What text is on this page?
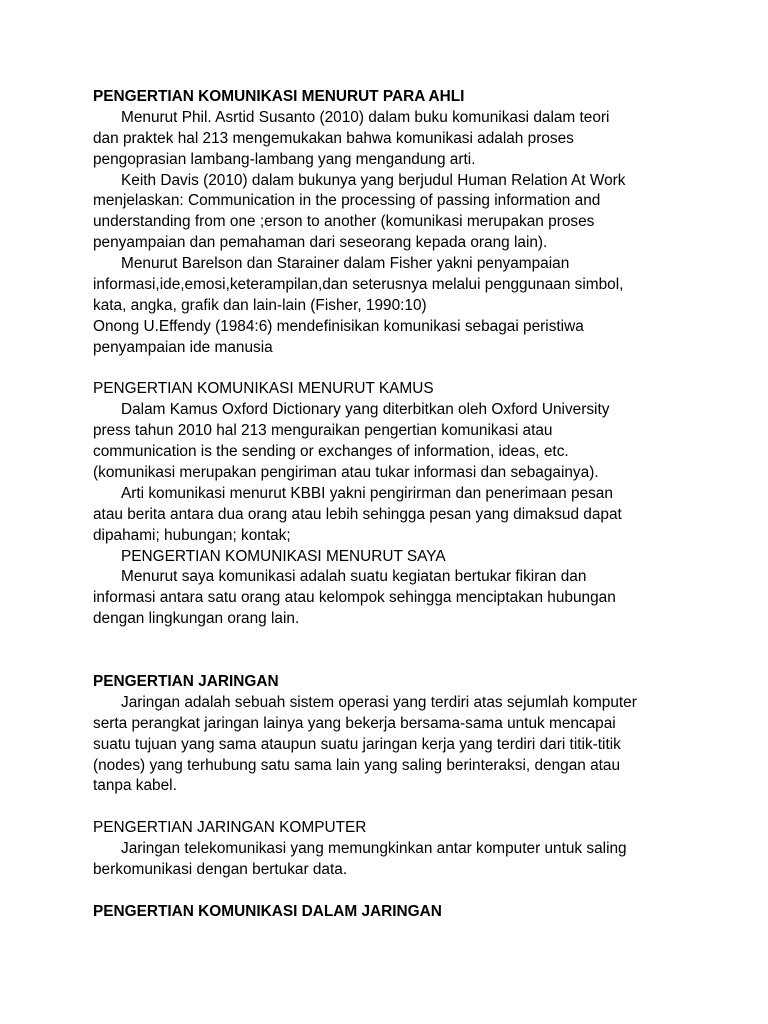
PENGERTIAN KOMUNIKASI MENURUT PARA AHLI
Menurut Phil. Asrtid Susanto (2010) dalam buku komunikasi dalam teori
dan praktek hal 213 mengemukakan bahwa komunikasi adalah proses
pengoprasian lambang-lambang yang mengandung arti.
Keith Davis (2010) dalam bukunya yang berjudul Human Relation At Work
menjelaskan: Communication in the processing of passing information and
understanding from one ;erson to another (komunikasi merupakan proses
penyampaian dan pemahaman dari seseorang kepada orang lain).
Menurut Barelson dan Starainer dalam Fisher yakni penyampaian
informasi,ide,emosi,keterampilan,dan seterusnya melalui penggunaan simbol,
kata, angka, grafik dan lain-lain (Fisher, 1990:10)
Onong U.Effendy (1984:6) mendefinisikan komunikasi sebagai peristiwa
penyampaian ide manusia
PENGERTIAN KOMUNIKASI MENURUT KAMUS
Dalam Kamus Oxford Dictionary yang diterbitkan oleh Oxford University
press tahun 2010 hal 213 menguraikan pengertian komunikasi atau
communication is the sending or exchanges of information, ideas, etc.
(komunikasi merupakan pengiriman atau tukar informasi dan sebagainya).
Arti komunikasi menurut KBBI yakni pengirirman dan penerimaan pesan
atau berita antara dua orang atau lebih sehingga pesan yang dimaksud dapat
dipahami; hubungan; kontak;
PENGERTIAN KOMUNIKASI MENURUT SAYA
Menurut saya komunikasi adalah suatu kegiatan bertukar fikiran dan
informasi antara satu orang atau kelompok sehingga menciptakan hubungan
dengan lingkungan orang lain.
PENGERTIAN JARINGAN
Jaringan adalah sebuah sistem operasi yang terdiri atas sejumlah komputer
serta perangkat jaringan lainya yang bekerja bersama-sama untuk mencapai
suatu tujuan yang sama ataupun suatu jaringan kerja yang terdiri dari titik-titik
(nodes) yang terhubung satu sama lain yang saling berinteraksi, dengan atau
tanpa kabel.
PENGERTIAN JARINGAN KOMPUTER
Jaringan telekomunikasi yang memungkinkan antar komputer untuk saling
berkomunikasi dengan bertukar data.
PENGERTIAN KOMUNIKASI DALAM JARINGAN
